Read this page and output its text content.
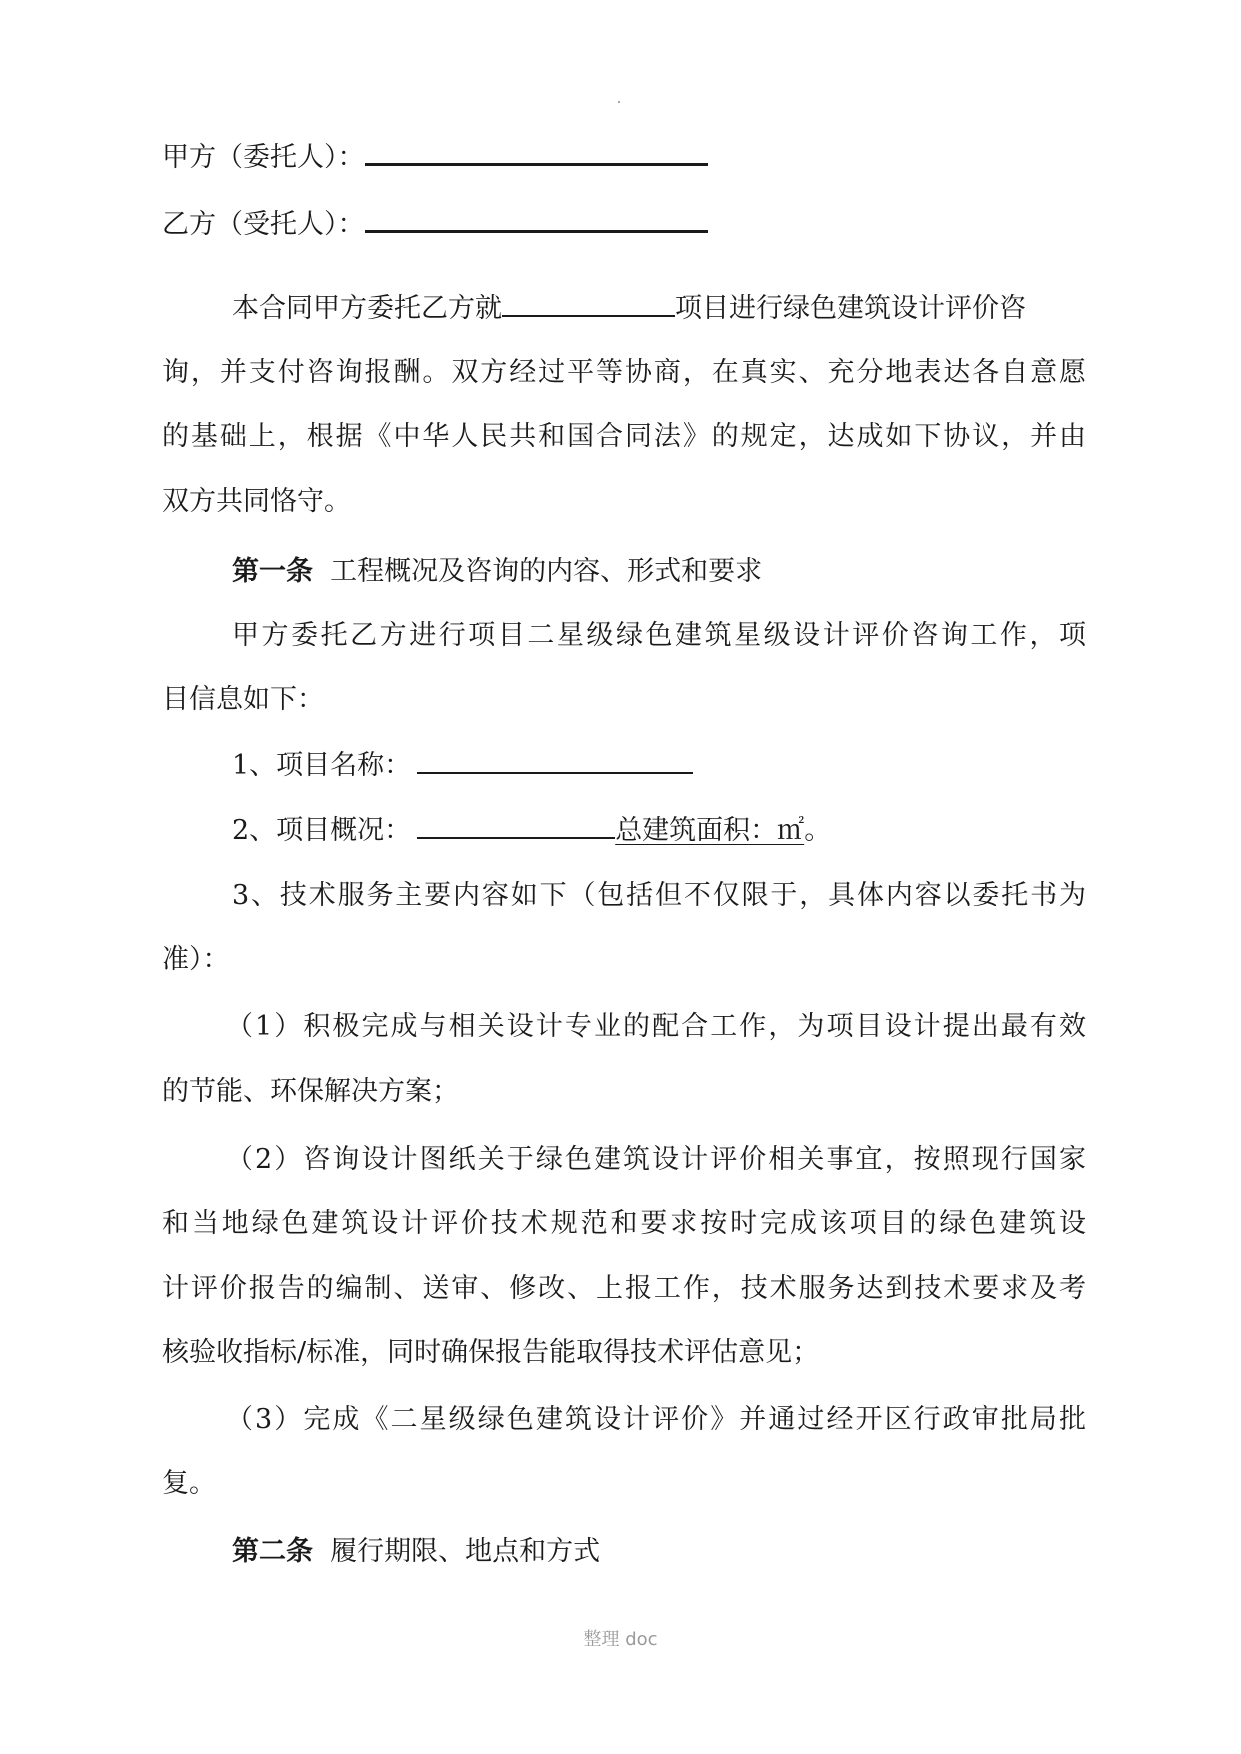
甲方（委托人）：
乙方（受托人）：
本合同甲方委托乙方就	项目进行绿色建筑设计评价咨
询，并支付咨询报酬。双方经过平等协商，在真实、充分地表达各自意愿
的基础上，根据《中华人民共和国合同法》的规定，达成如下协议，并由
双方共同恪守。
第一条 工程概况及咨询的内容、形式和要求
甲方委托乙方进行项目二星级绿色建筑星级设计评价咨询工作，项
目信息如下：
1、项目名称：
2、项目概况：	总建筑面积：㎡。
3、技术服务主要内容如下（包括但不仅限于，具体内容以委托书为
准）：
（1）积极完成与相关设计专业的配合工作，为项目设计提出最有效
的节能、环保解决方案；
（2）咨询设计图纸关于绿色建筑设计评价相关事宜，按照现行国家
和当地绿色建筑设计评价技术规范和要求按时完成该项目的绿色建筑设
计评价报告的编制、送审、修改、上报工作，技术服务达到技术要求及考
核验收指标/标准，同时确保报告能取得技术评估意见；
（3）完成《二星级绿色建筑设计评价》并通过经开区行政审批局批
复。
第二条 履行期限、地点和方式
整理 doc
